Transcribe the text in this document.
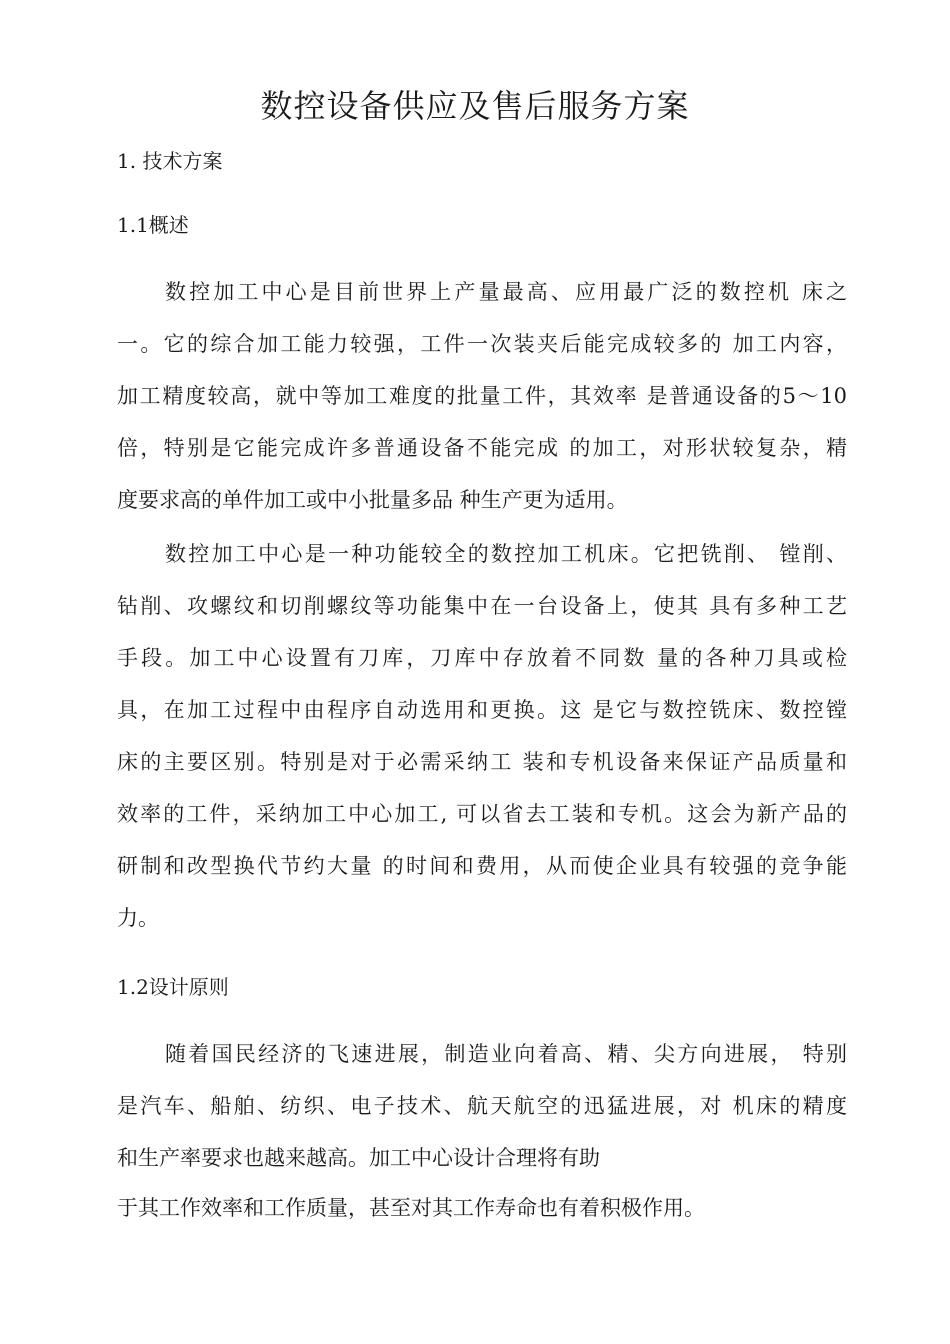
数控设备供应及售后服务方案
1. 技术方案
1.1概述
数控加工中心是目前世界上产量最高、应用最广泛的数控机 床之
一。它的综合加工能力较强，工件一次装夹后能完成较多的 加工内容，
加工精度较高，就中等加工难度的批量工件，其效率 是普通设备的5〜10
倍，特别是它能完成许多普通设备不能完成 的加工，对形状较复杂，精
度要求高的单件加工或中小批量多品 种生产更为适用。
数控加工中心是一种功能较全的数控加工机床。它把铣削、 镗削、
钻削、攻螺纹和切削螺纹等功能集中在一台设备上，使其 具有多种工艺
手段。加工中心设置有刀库，刀库中存放着不同数 量的各种刀具或检
具，在加工过程中由程序自动选用和更换。这 是它与数控铣床、数控镗
床的主要区别。特别是对于必需采纳工 装和专机设备来保证产品质量和
效率的工件，采纳加工中心加工, 可以省去工装和专机。这会为新产品的
研制和改型换代节约大量 的时间和费用，从而使企业具有较强的竞争能
力。
1.2设计原则
随着国民经济的飞速进展，制造业向着高、精、尖方向进展， 特别
是汽车、船舶、纺织、电子技术、航天航空的迅猛进展，对 机床的精度
和生产率要求也越来越高。加工中心设计合理将有助
于其工作效率和工作质量，甚至对其工作寿命也有着积极作用。
